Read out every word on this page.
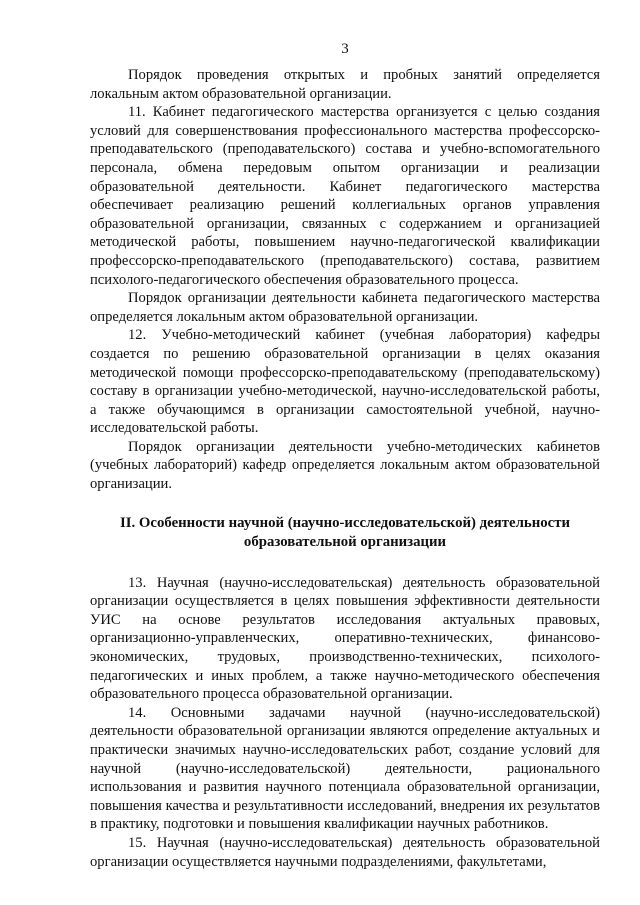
3

Порядок проведения открытых и пробных занятий определяется локальным актом образовательной организации.

11. Кабинет педагогического мастерства организуется с целью создания условий для совершенствования профессионального мастерства профессорско-преподавательского (преподавательского) состава и учебно-вспомогательного персонала, обмена передовым опытом организации и реализации образовательной деятельности. Кабинет педагогического мастерства обеспечивает реализацию решений коллегиальных органов управления образовательной организации, связанных с содержанием и организацией методической работы, повышением научно-педагогической квалификации профессорско-преподавательского (преподавательского) состава, развитием психолого-педагогического обеспечения образовательного процесса.

Порядок организации деятельности кабинета педагогического мастерства определяется локальным актом образовательной организации.

12. Учебно-методический кабинет (учебная лаборатория) кафедры создается по решению образовательной организации в целях оказания методической помощи профессорско-преподавательскому (преподавательскому) составу в организации учебно-методической, научно-исследовательской работы, а также обучающимся в организации самостоятельной учебной, научно-исследовательской работы.

Порядок организации деятельности учебно-методических кабинетов (учебных лабораторий) кафедр определяется локальным актом образовательной организации.

II. Особенности научной (научно-исследовательской) деятельности
образовательной организации

13. Научная (научно-исследовательская) деятельность образовательной организации осуществляется в целях повышения эффективности деятельности УИС на основе результатов исследования актуальных правовых, организационно-управленческих, оперативно-технических, финансово-экономических, трудовых, производственно-технических, психолого-педагогических и иных проблем, а также научно-методического обеспечения образовательного процесса образовательной организации.

14. Основными задачами научной (научно-исследовательской) деятельности образовательной организации являются определение актуальных и практически значимых научно-исследовательских работ, создание условий для научной (научно-исследовательской) деятельности, рационального использования и развития научного потенциала образовательной организации, повышения качества и результативности исследований, внедрения их результатов в практику, подготовки и повышения квалификации научных работников.

15. Научная (научно-исследовательская) деятельность образовательной организации осуществляется научными подразделениями, факультетами,
